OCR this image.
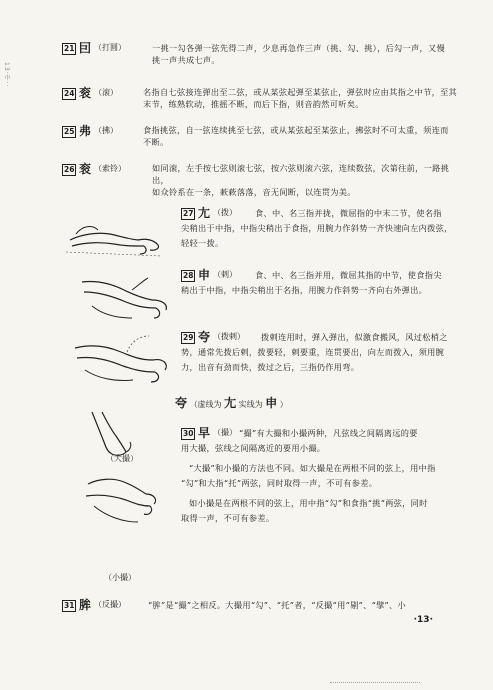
13·中··
21 囙 （打圆）	一挑一勾各弹一弦先得二声，少息再急作三声（挑、勾、挑），后勾一声，又慢
挑一声共成七声。
24 衮 （滚）	名指自七弦接连弹出至二弦，或从某弦起弹至某弦止，弹弦时应由其指之中节，至其
末节，练熟软动，推摇不断，而后下指，则音韵然可听矣。
25 弗 （拂）	食指挑弦，自一弦连续挑至七弦，或从某弦起至某弦止，拂弦时不可太重，须连而
不断。
26 衮 （索铃）	如同滚，左手按七弦则滚七弦，按六弦则滚六弦，连续数弦，次第往前，一路挑出，
如众铃系在一条，蔌蔌落落，音无间断，以连贯为美。
27 尢 （拨）	食、中、名三指并拢，微屈指的中末二节，使名指
尖稍出于中指，中指尖稍出于食指，用腕力作斜势一齐快速向左内拨弦，
轻轻一拨。
28 申 （剌）	食、中、名三指并用，微屈其指的中节，使食指尖
稍出于中指，中指尖稍出于名指，用腕力作斜势一齐向右外弹出。
29 夸 （拨剌）	拨剌连用时，弹入弹出，似激食搬风，风过松梢之
势，通常先拨后剌，拨要轻，剌要重，连贯要出，向左而拨入，须用腕
力，出音有劲而快，拨过之后，三指仍作用弯。
夸 （虚线为 尢 实线为 申 ）
（大撮）
（小撮）
30 早 （撮） “撮”有大撮和小撮两种，凡弦线之间隔离远的要
用大撮，弦线之间隔离近的要用小撮。
“大撮”和小撮的方法也不同。如大撮是在两根不同的弦上，用中指
“勾”和大指“托”两弦，同时取得一声，不可有参差。
如小撮是在两根不同的弦上，用中指“勾”和食指“挑”两弦，同时
取得一声，不可有参差。
31 䏬 （反撮）	“䏬”是“撮”之相反。大撮用“勾”、“托”者，“反撮”用“剔”、“擘”、小
·13·
